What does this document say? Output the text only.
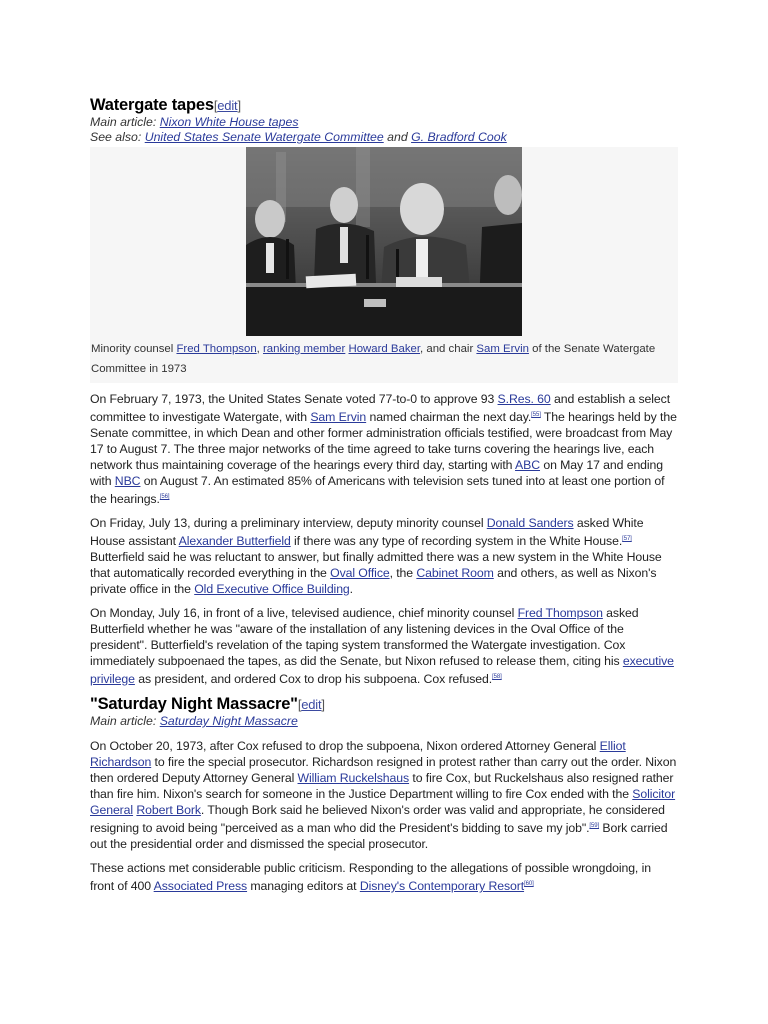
Watergate tapes[edit]
Main article: Nixon White House tapes
See also: United States Senate Watergate Committee and G. Bradford Cook
Minority counsel Fred Thompson, ranking member Howard Baker, and chair Sam Ervin of the Senate Watergate Committee in 1973

On February 7, 1973, the United States Senate voted 77-to-0 to approve 93 S.Res. 60 and establish a select committee to investigate Watergate, with Sam Ervin named chairman the next day.[55] The hearings held by the Senate committee, in which Dean and other former administration officials testified, were broadcast from May 17 to August 7. The three major networks of the time agreed to take turns covering the hearings live, each network thus maintaining coverage of the hearings every third day, starting with ABC on May 17 and ending with NBC on August 7. An estimated 85% of Americans with television sets tuned into at least one portion of the hearings.[56]

On Friday, July 13, during a preliminary interview, deputy minority counsel Donald Sanders asked White House assistant Alexander Butterfield if there was any type of recording system in the White House.[57] Butterfield said he was reluctant to answer, but finally admitted there was a new system in the White House that automatically recorded everything in the Oval Office, the Cabinet Room and others, as well as Nixon's private office in the Old Executive Office Building.

On Monday, July 16, in front of a live, televised audience, chief minority counsel Fred Thompson asked Butterfield whether he was "aware of the installation of any listening devices in the Oval Office of the president". Butterfield's revelation of the taping system transformed the Watergate investigation. Cox immediately subpoenaed the tapes, as did the Senate, but Nixon refused to release them, citing his executive privilege as president, and ordered Cox to drop his subpoena. Cox refused.[58]

"Saturday Night Massacre"[edit]
Main article: Saturday Night Massacre

On October 20, 1973, after Cox refused to drop the subpoena, Nixon ordered Attorney General Elliot Richardson to fire the special prosecutor. Richardson resigned in protest rather than carry out the order. Nixon then ordered Deputy Attorney General William Ruckelshaus to fire Cox, but Ruckelshaus also resigned rather than fire him. Nixon's search for someone in the Justice Department willing to fire Cox ended with the Solicitor General Robert Bork. Though Bork said he believed Nixon's order was valid and appropriate, he considered resigning to avoid being "perceived as a man who did the President's bidding to save my job".[59] Bork carried out the presidential order and dismissed the special prosecutor.

These actions met considerable public criticism. Responding to the allegations of possible wrongdoing, in front of 400 Associated Press managing editors at Disney's Contemporary Resort[60]
